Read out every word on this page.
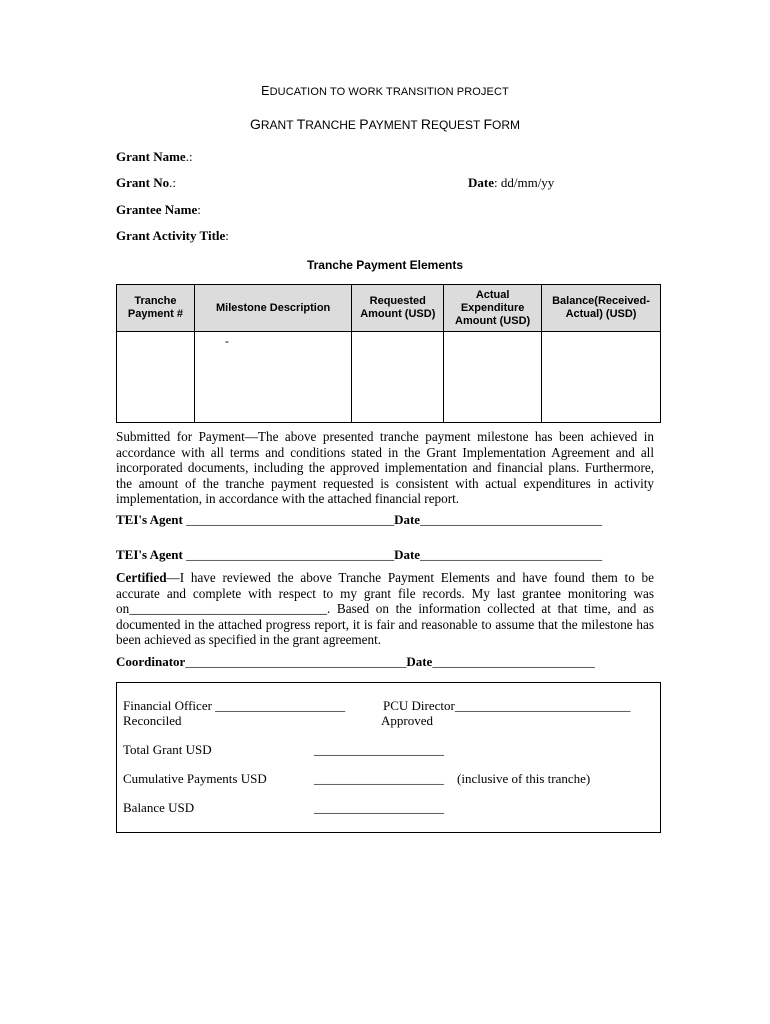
EDUCATION TO WORK TRANSITION PROJECT
GRANT TRANCHE PAYMENT REQUEST FORM
Grant Name.:
Grant No.:	Date: dd/mm/yy
Grantee Name:
Grant Activity Title:
Tranche Payment Elements
Tranche Payment #	Milestone Description	Requested Amount (USD)	Actual Expenditure Amount (USD)	Balance(Received-Actual) (USD)
	-			
Submitted for Payment—The above presented tranche payment milestone has been achieved in accordance with all terms and conditions stated in the Grant Implementation Agreement and all incorporated documents, including the approved implementation and financial plans. Furthermore, the amount of the tranche payment requested is consistent with actual expenditures in activity implementation, in accordance with the attached financial report.
TEI's Agent ________________________________Date____________________________
TEI's Agent ________________________________Date____________________________
Certified—I have reviewed the above Tranche Payment Elements and have found them to be accurate and complete with respect to my grant file records. My last grantee monitoring was on______________________________. Based on the information collected at that time, and as documented in the attached progress report, it is fair and reasonable to assume that the milestone has been achieved as specified in the grant agreement.
Coordinator__________________________________Date_________________________
Financial Officer ____________________
Reconciled
PCU Director___________________________
Approved
Total Grant USD	____________________
Cumulative Payments USD	____________________ (inclusive of this tranche)
Balance USD	____________________
